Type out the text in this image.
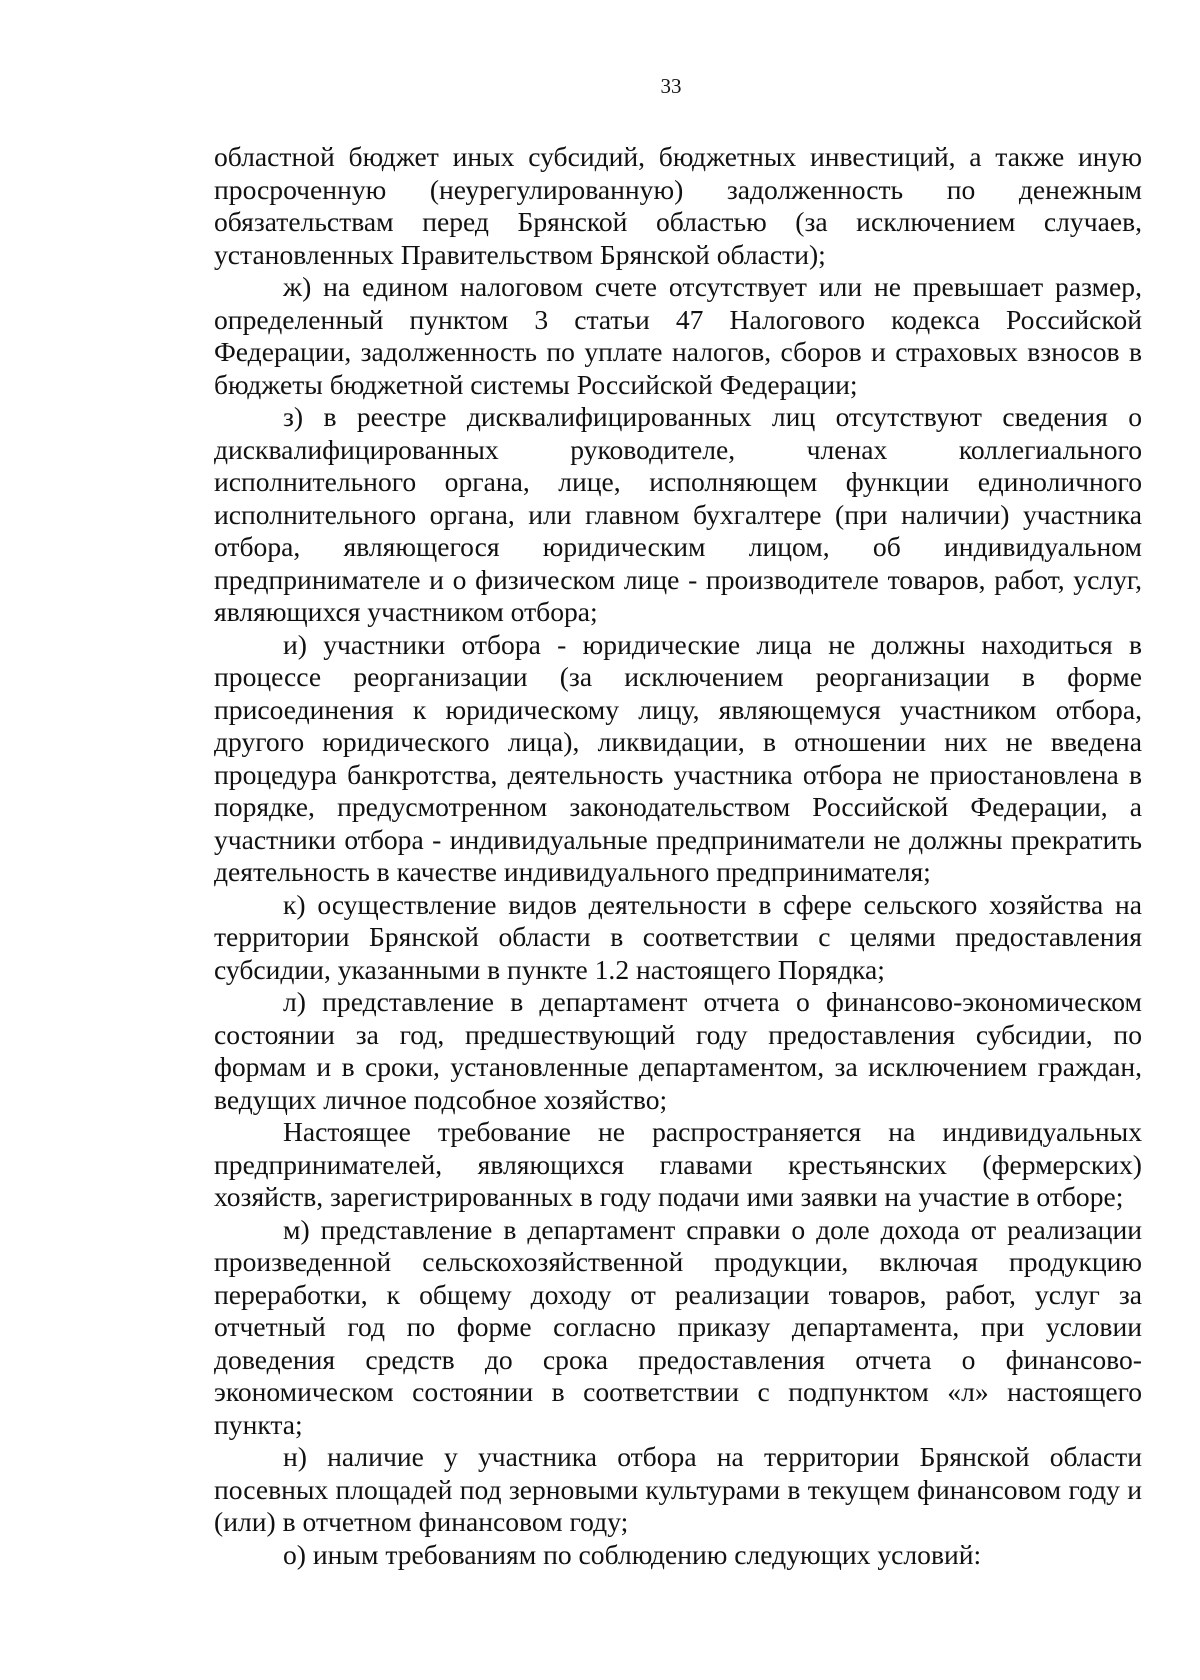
33

областной бюджет иных субсидий, бюджетных инвестиций, а также иную просроченную (неурегулированную) задолженность по денежным обязательствам перед Брянской областью (за исключением случаев, установленных Правительством Брянской области);

ж) на едином налоговом счете отсутствует или не превышает размер, определенный пунктом 3 статьи 47 Налогового кодекса Российской Федерации, задолженность по уплате налогов, сборов и страховых взносов в бюджеты бюджетной системы Российской Федерации;

з) в реестре дисквалифицированных лиц отсутствуют сведения о дисквалифицированных руководителе, членах коллегиального исполнительного органа, лице, исполняющем функции единоличного исполнительного органа, или главном бухгалтере (при наличии) участника отбора, являющегося юридическим лицом, об индивидуальном предпринимателе и о физическом лице - производителе товаров, работ, услуг, являющихся участником отбора;

и) участники отбора - юридические лица не должны находиться в процессе реорганизации (за исключением реорганизации в форме присоединения к юридическому лицу, являющемуся участником отбора, другого юридического лица), ликвидации, в отношении них не введена процедура банкротства, деятельность участника отбора не приостановлена в порядке, предусмотренном законодательством Российской Федерации, а участники отбора - индивидуальные предприниматели не должны прекратить деятельность в качестве индивидуального предпринимателя;

к) осуществление видов деятельности в сфере сельского хозяйства на территории Брянской области в соответствии с целями предоставления субсидии, указанными в пункте 1.2 настоящего Порядка;

л) представление в департамент отчета о финансово-экономическом состоянии за год, предшествующий году предоставления субсидии, по формам и в сроки, установленные департаментом, за исключением граждан, ведущих личное подсобное хозяйство;

Настоящее требование не распространяется на индивидуальных предпринимателей, являющихся главами крестьянских (фермерских) хозяйств, зарегистрированных в году подачи ими заявки на участие в отборе;

м) представление в департамент справки о доле дохода от реализации произведенной сельскохозяйственной продукции, включая продукцию переработки, к общему доходу от реализации товаров, работ, услуг за отчетный год по форме согласно приказу департамента, при условии доведения средств до срока предоставления отчета о финансово-экономическом состоянии в соответствии с подпунктом «л» настоящего пункта;

н) наличие у участника отбора на территории Брянской области посевных площадей под зерновыми культурами в текущем финансовом году и (или) в отчетном финансовом году;

о) иным требованиям по соблюдению следующих условий:
